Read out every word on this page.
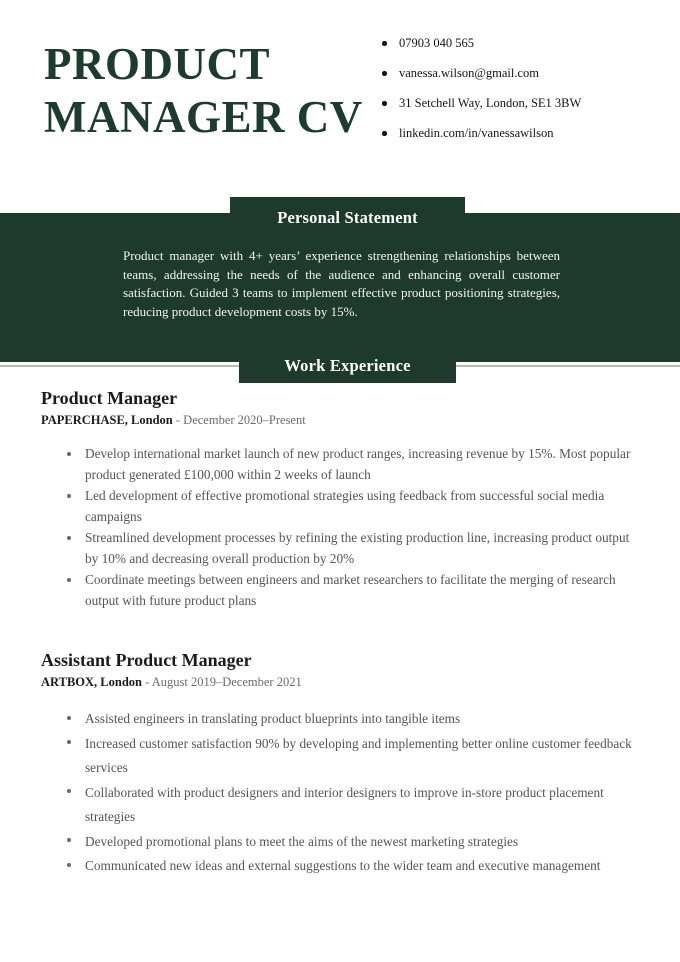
PRODUCT
MANAGER CV
07903 040 565
vanessa.wilson@gmail.com
31 Setchell Way, London, SE1 3BW
linkedin.com/in/vanessawilson
Personal Statement

Product manager with 4+ years’ experience strengthening relationships between teams, addressing the needs of the audience and enhancing overall customer satisfaction. Guided 3 teams to implement effective product positioning strategies, reducing product development costs by 15%.

Work Experience
Product Manager
PAPERCHASE, London - December 2020–Present
Develop international market launch of new product ranges, increasing revenue by 15%. Most popular product generated £100,000 within 2 weeks of launch
Led development of effective promotional strategies using feedback from successful social media campaigns
Streamlined development processes by refining the existing production line, increasing product output by 10% and decreasing overall production by 20%
Coordinate meetings between engineers and market researchers to facilitate the merging of research output with future product plans
Assistant Product Manager
ARTBOX, London - August 2019–December 2021
Assisted engineers in translating product blueprints into tangible items
Increased customer satisfaction 90% by developing and implementing better online customer feedback services
Collaborated with product designers and interior designers to improve in-store product placement strategies
Developed promotional plans to meet the aims of the newest marketing strategies
Communicated new ideas and external suggestions to the wider team and executive management
